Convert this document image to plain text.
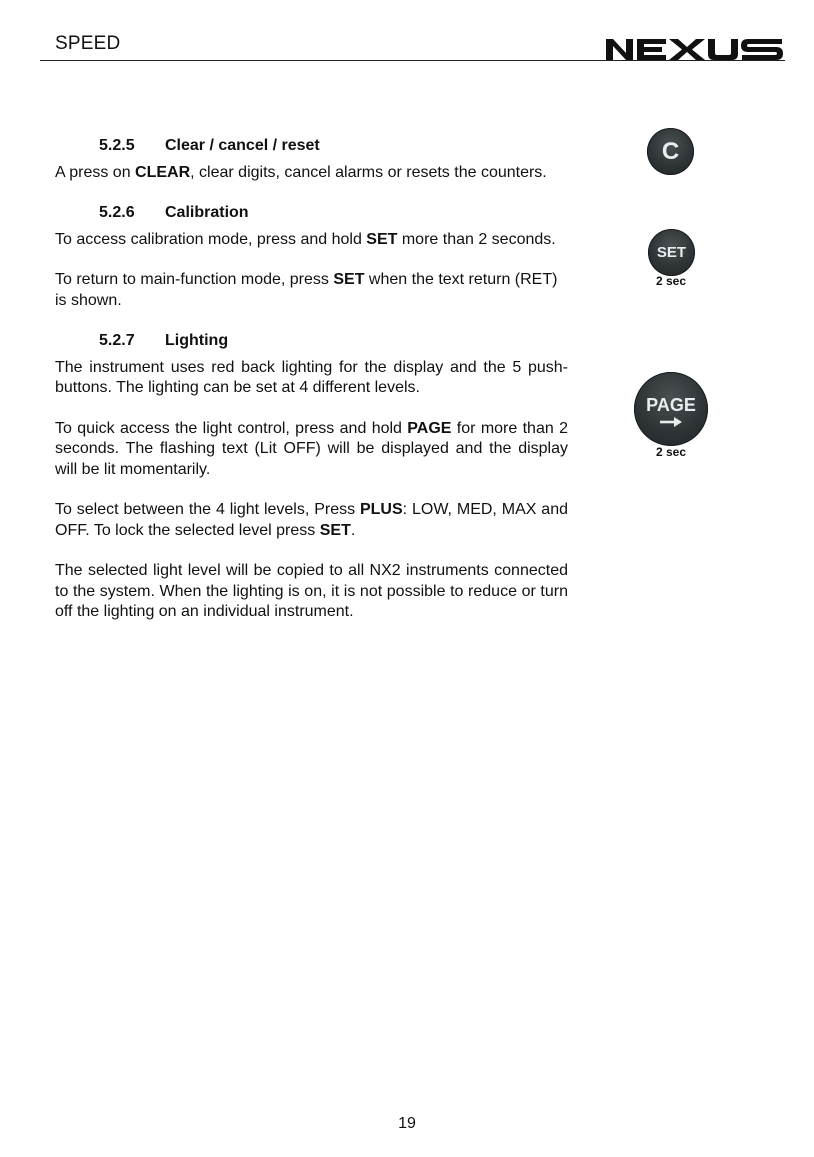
SPEED	NEXUS
5.2.5 Clear / cancel / reset

A press on CLEAR, clear digits, cancel alarms or resets the counters.

5.2.6 Calibration

To access calibration mode, press and hold SET more than 2 seconds.

To return to main-function mode, press SET when the text return (RET) is shown.

5.2.7 Lighting

The instrument uses red back lighting for the display and the 5 push-buttons. The lighting can be set at 4 different levels.

To quick access the light control, press and hold PAGE for more than 2 seconds. The flashing text (Lit OFF) will be displayed and the display will be lit momentarily.

To select between the 4 light levels, Press PLUS: LOW, MED, MAX and OFF. To lock the selected level press SET.

The selected light level will be copied to all NX2 instruments connected to the system. When the lighting is on, it is not possible to reduce or turn off the lighting on an individual instrument.

C
SET
2 sec
PAGE
2 sec
19
